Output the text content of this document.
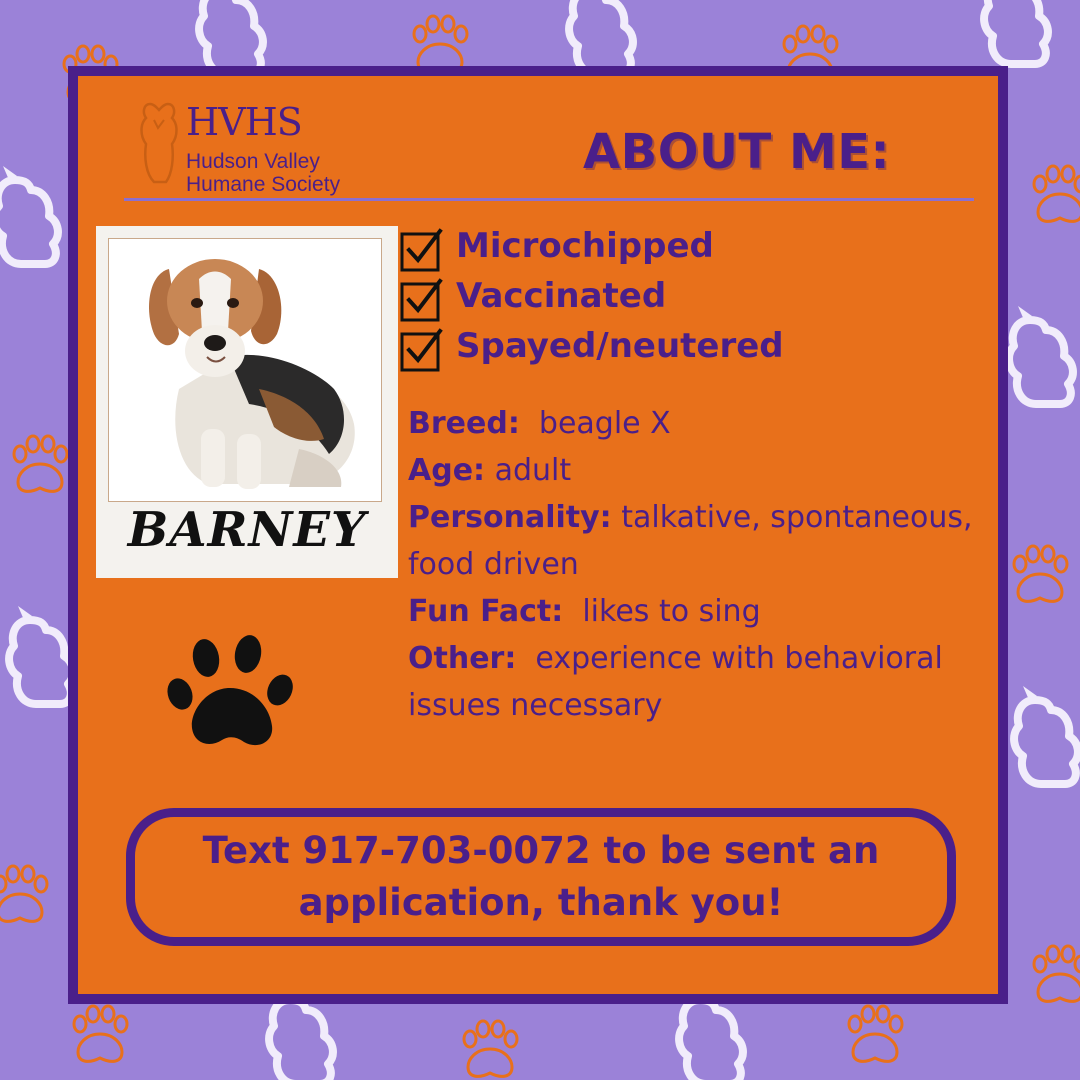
HVHS
Hudson Valley
Humane Society
ABOUT ME:
BARNEY
Microchipped
Vaccinated
Spayed/neutered
Breed: beagle X
Age: adult
Personality: talkative, spontaneous, food driven
Fun Fact: likes to sing
Other: experience with behavioral issues necessary
Text 917-703-0072 to be sent an application, thank you!
